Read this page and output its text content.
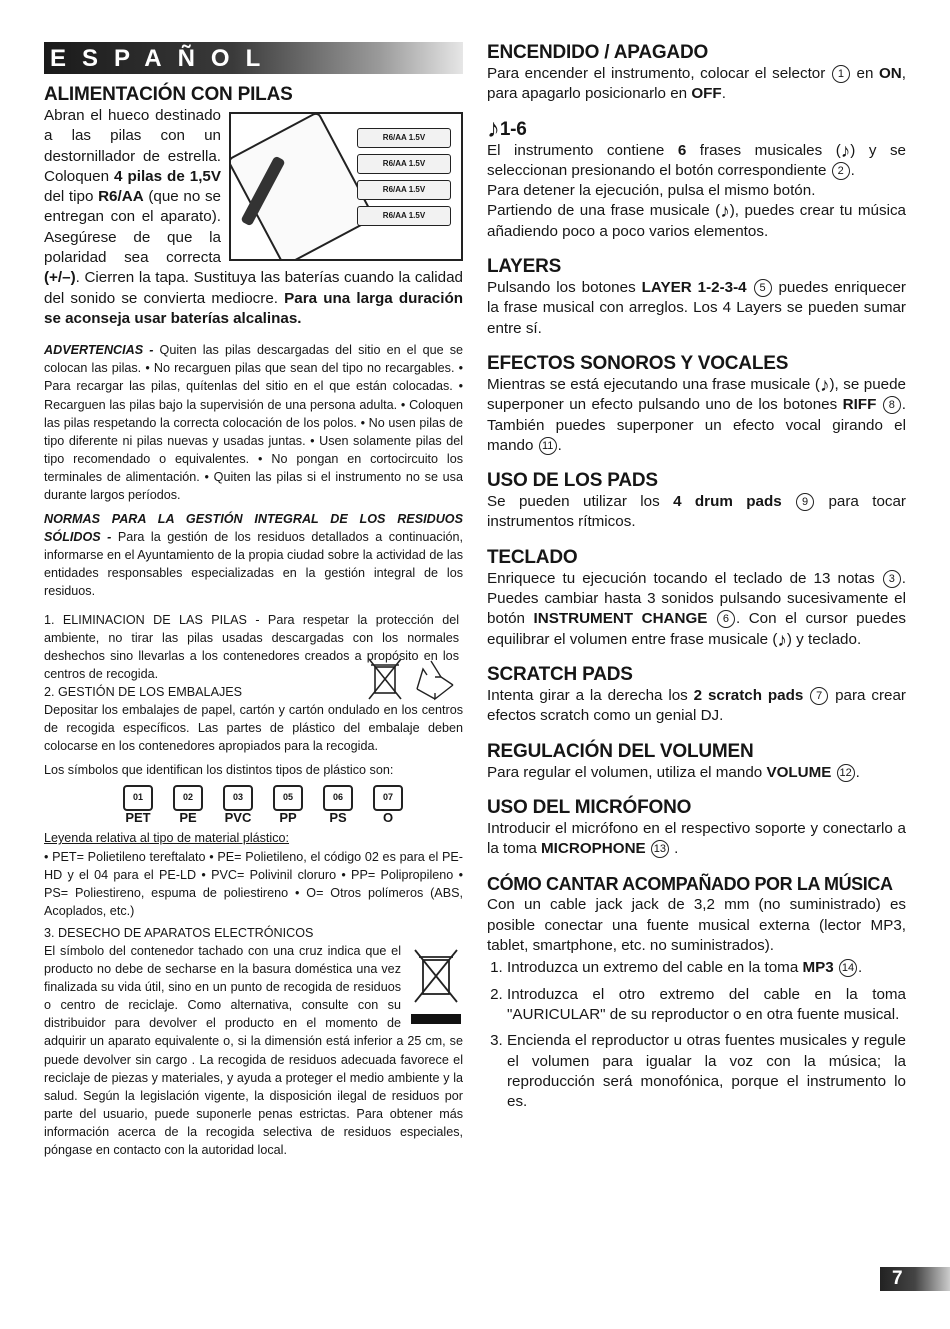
ESPAÑOL
ALIMENTACIÓN CON PILAS
R6/AA 1.5V
R6/AA 1.5V
R6/AA 1.5V
R6/AA 1.5V

Abran el hueco destinado a las pilas con un destornillador de estrella. Coloquen 4 pilas de 1,5V del tipo R6/AA (que no se entregan con el aparato). Asegúrese de que la polaridad sea correcta (+/–). Cierren la tapa. Sustituya las baterías cuando la calidad del sonido se convierta mediocre. Para una larga duración se aconseja usar baterías alcalinas.

ADVERTENCIAS - Quiten las pilas descargadas del sitio en el que se colocan las pilas. • No recarguen pilas que sean del tipo no recargables. • Para recargar las pilas, quítenlas del sitio en el que están colocadas. • Recarguen las pilas bajo la supervisión de una persona adulta. • Coloquen las pilas respetando la correcta colocación de los polos. • No usen pilas de tipo diferente ni pilas nuevas y usadas juntas. • Usen solamente pilas del tipo recomendado o equivalentes. • No pongan en cortocircuito los terminales de alimentación. • Quiten las pilas si el instrumento no se usa durante largos períodos.

NORMAS PARA LA GESTIÓN INTEGRAL DE LOS RESIDUOS SÓLIDOS - Para la gestión de los residuos detallados a continuación, informarse en el Ayuntamiento de la propia ciudad sobre la actividad de las entidades responsables especializadas en la gestión integral de los residuos.

1. ELIMINACION DE LAS PILAS - Para respetar la protección del ambiente, no tirar las pilas usadas descargadas con los normales deshechos sino llevarlas a los contenedores creados a propósito en los centros de recogida.

2. GESTIÓN DE LOS EMBALAJES

Depositar los embalajes de papel, cartón y cartón ondulado en los centros de recogida específicos. Las partes de plástico del embalaje deben colocarse en los contenedores apropiados para la recogida.

Los símbolos que identifican los distintos tipos de plástico son:

01
PET
02
PE
03
PVC
05
PP
06
PS
07
O

Leyenda relativa al tipo de material plástico:

• PET= Polietileno tereftalato • PE= Polietileno, el código 02 es para el PE-HD y el 04 para el PE-LD • PVC= Polivinil cloruro • PP= Polipropileno • PS= Poliestireno, espuma de poliestireno • O= Otros polímeros (ABS, Acoplados, etc.)

3. DESECHO DE APARATOS ELECTRÓNICOS

El símbolo del contenedor tachado con una cruz indica que el producto no debe de secharse en la basura doméstica una vez finalizada su vida útil, sino en un punto de recogida de residuos o centro de reciclaje. Como alternativa, consulte con su distribuidor para devolver el producto en el momento de adquirir un aparato equivalente o, si la dimensión está inferior a 25 cm, se puede devolver sin cargo . La recogida de residuos adecuada favorece el reciclaje de piezas y materiales, y ayuda a proteger el medio ambiente y la salud. Según la legislación vigente, la disposición ilegal de residuos por parte del usuario, puede suponerle penas estrictas. Para obtener más información acerca de la recogida selectiva de residuos especiales, póngase en contacto con la autoridad local.

ENCENDIDO / APAGADO

Para encender el instrumento, colocar el selector 1 en ON, para apagarlo posicionarlo en OFF.

♪1-6

El instrumento contiene 6 frases musicales (♪) y se seleccionan presionando el botón correspondiente 2 .

Para detener la ejecución, pulsa el mismo botón.

Partiendo de una frase musicale (♪), puedes crear tu música añadiendo poco a poco varios elementos.

LAYERS

Pulsando los botones LAYER 1-2-3-4 5 puedes enriquecer la frase musical con arreglos. Los 4 Layers se pueden sumar entre sí.

EFECTOS SONOROS Y VOCALES

Mientras se está ejecutando una frase musicale (♪), se puede superponer un efecto pulsando uno de los botones RIFF 8 . También puedes superponer un efecto vocal girando el mando 11 .

USO DE LOS PADS

Se pueden utilizar los 4 drum pads 9 para tocar instrumentos rítmicos.

TECLADO

Enriquece tu ejecución tocando el teclado de 13 notas 3 . Puedes cambiar hasta 3 sonidos pulsando sucesivamente el botón INSTRUMENT CHANGE 6 . Con el cursor puedes equilibrar el volumen entre frase musicale (♪) y teclado.

SCRATCH PADS

Intenta girar a la derecha los 2 scratch pads 7 para crear efectos scratch como un genial DJ.

REGULACIÓN DEL VOLUMEN

Para regular el volumen, utiliza el mando VOLUME 12 .

USO DEL MICRÓFONO

Introducir el micrófono en el respectivo soporte y conectarlo a la toma MICROPHONE 13 .

CÓMO CANTAR ACOMPAÑADO POR LA MÚSICA

Con un cable jack jack de 3,2 mm (no suministrado) es posible conectar una fuente musical externa (lector MP3, tablet, smartphone, etc. no suministrados).

1. Introduzca un extremo del cable en la toma MP3 14 .
2. Introduzca el otro extremo del cable en la toma "AURICULAR" de su reproductor o en otra fuente musical.
3. Encienda el reproductor u otras fuentes musicales y regule el volumen para igualar la voz con la música; la reproducción será monofónica, porque el instrumento lo es.
7
